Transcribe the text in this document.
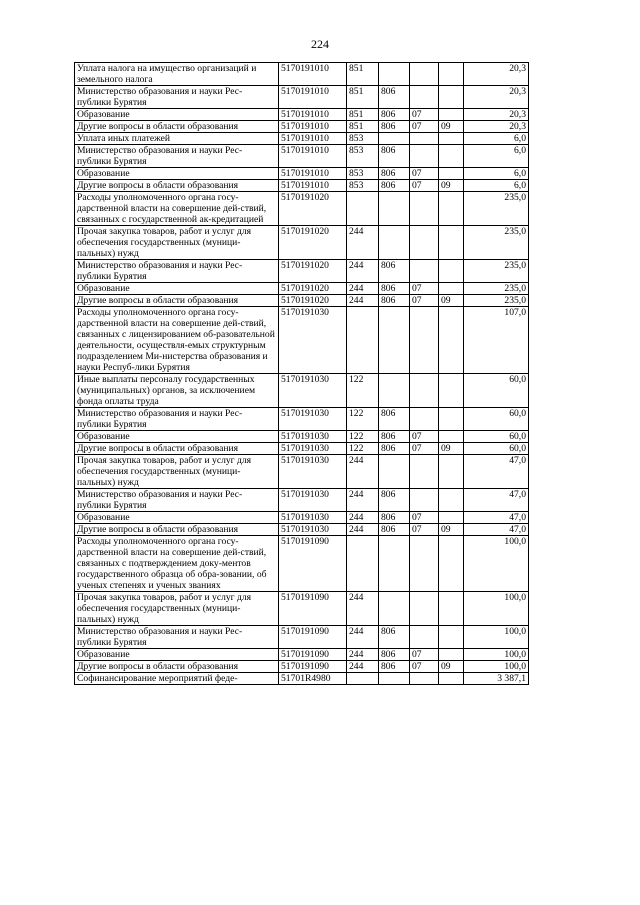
224
Уплата налога на имущество организаций и земельного налога	5170191010	851				20,3
Министерство образования и науки Рес-публики Бурятия	5170191010	851	806			20,3
Образование	5170191010	851	806	07		20,3
Другие вопросы в области образования	5170191010	851	806	07	09	20,3
Уплата иных платежей	5170191010	853				6,0
Министерство образования и науки Рес-публики Бурятия	5170191010	853	806			6,0
Образование	5170191010	853	806	07		6,0
Другие вопросы в области образования	5170191010	853	806	07	09	6,0
Расходы уполномоченного органа госу-дарственной власти на совершение дей-ствий, связанных с государственной ак-кредитацией	5170191020					235,0
Прочая закупка товаров, работ и услуг для обеспечения государственных (муници-пальных) нужд	5170191020	244				235,0
Министерство образования и науки Рес-публики Бурятия	5170191020	244	806			235,0
Образование	5170191020	244	806	07		235,0
Другие вопросы в области образования	5170191020	244	806	07	09	235,0
Расходы уполномоченного органа госу-дарственной власти на совершение дей-ствий, связанных с лицензированием об-разовательной деятельности, осуществля-емых структурным подразделением Ми-нистерства образования и науки Респуб-лики Бурятия	5170191030					107,0
Иные выплаты персоналу государственных (муниципальных) органов, за исключением фонда оплаты труда	5170191030	122				60,0
Министерство образования и науки Рес-публики Бурятия	5170191030	122	806			60,0
Образование	5170191030	122	806	07		60,0
Другие вопросы в области образования	5170191030	122	806	07	09	60,0
Прочая закупка товаров, работ и услуг для обеспечения государственных (муници-пальных) нужд	5170191030	244				47,0
Министерство образования и науки Рес-публики Бурятия	5170191030	244	806			47,0
Образование	5170191030	244	806	07		47,0
Другие вопросы в области образования	5170191030	244	806	07	09	47,0
Расходы уполномоченного органа госу-дарственной власти на совершение дей-ствий, связанных с подтверждением доку-ментов государственного образца об обра-зовании, об ученых степенях и ученых званиях	5170191090					100,0
Прочая закупка товаров, работ и услуг для обеспечения государственных (муници-пальных) нужд	5170191090	244				100,0
Министерство образования и науки Рес-публики Бурятия	5170191090	244	806			100,0
Образование	5170191090	244	806	07		100,0
Другие вопросы в области образования	5170191090	244	806	07	09	100,0
Софинансирование мероприятий феде-	51701R4980					3 387,1
